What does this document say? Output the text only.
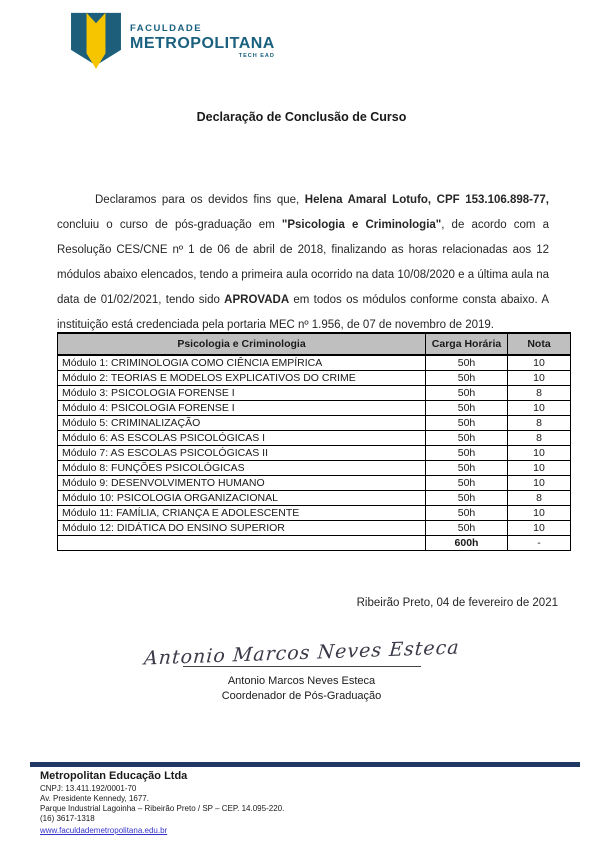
FACULDADE
METROPOLITANA
TECH EAD
Declaração de Conclusão de Curso

Declaramos para os devidos fins que, Helena Amaral Lotufo, CPF 153.106.898-77, concluiu o curso de pós-graduação em "Psicologia e Criminologia", de acordo com a Resolução CES/CNE nº 1 de 06 de abril de 2018, finalizando as horas relacionadas aos 12 módulos abaixo elencados, tendo a primeira aula ocorrido na data 10/08/2020 e a última aula na data de 01/02/2021, tendo sido APROVADA em todos os módulos conforme consta abaixo. A instituição está credenciada pela portaria MEC nº 1.956, de 07 de novembro de 2019.

Psicologia e Criminologia	Carga Horária	Nota
Módulo 1: CRIMINOLOGIA COMO CIÊNCIA EMPÍRICA	50h	10
Módulo 2: TEORIAS E MODELOS EXPLICATIVOS DO CRIME	50h	10
Módulo 3: PSICOLOGIA FORENSE I	50h	8
Módulo 4: PSICOLOGIA FORENSE I	50h	10
Módulo 5: CRIMINALIZAÇÃO	50h	8
Módulo 6: AS ESCOLAS PSICOLÓGICAS I	50h	8
Módulo 7: AS ESCOLAS PSICOLÓGICAS II	50h	10
Módulo 8: FUNÇÕES PSICOLÓGICAS	50h	10
Módulo 9: DESENVOLVIMENTO HUMANO	50h	10
Módulo 10: PSICOLOGIA ORGANIZACIONAL	50h	8
Módulo 11: FAMÍLIA, CRIANÇA E ADOLESCENTE	50h	10
Módulo 12: DIDÁTICA DO ENSINO SUPERIOR	50h	10
	600h	-
Ribeirão Preto, 04 de fevereiro de 2021
Antonio Marcos Neves Esteca
Antonio Marcos Neves Esteca
Coordenador de Pós-Graduação
Metropolitan Educação Ltda
CNPJ: 13.411.192/0001-70
Av. Presidente Kennedy, 1677.
Parque Industrial Lagoinha – Ribeirão Preto / SP – CEP. 14.095-220.
(16) 3617-1318
www.faculdademetropolitana.edu.br
